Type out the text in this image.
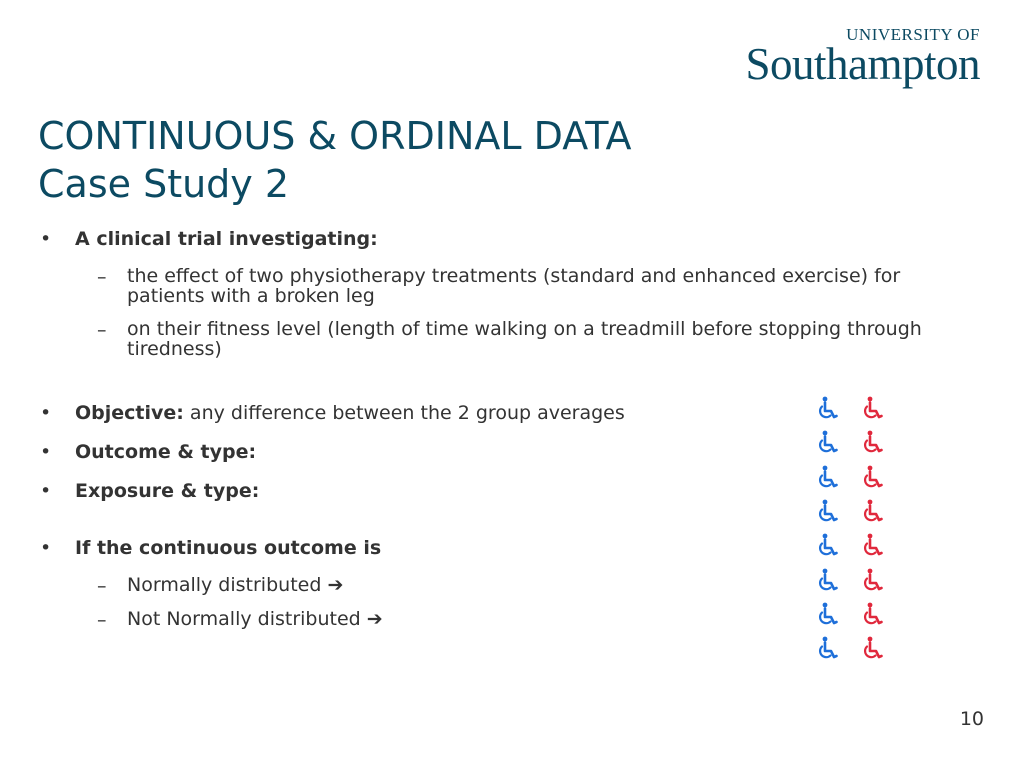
UNIVERSITY OF
Southampton
CONTINUOUS & ORDINAL DATA
Case Study 2
• A clinical trial investigating:
– the effect of two physiotherapy treatments (standard and enhanced exercise) for patients with a broken leg
– on their fitness level (length of time walking on a treadmill before stopping through tiredness)
• Objective: any difference between the 2 group averages
• Outcome & type:
• Exposure & type:
• If the continuous outcome is
– Normally distributed ➔
– Not Normally distributed ➔
10
